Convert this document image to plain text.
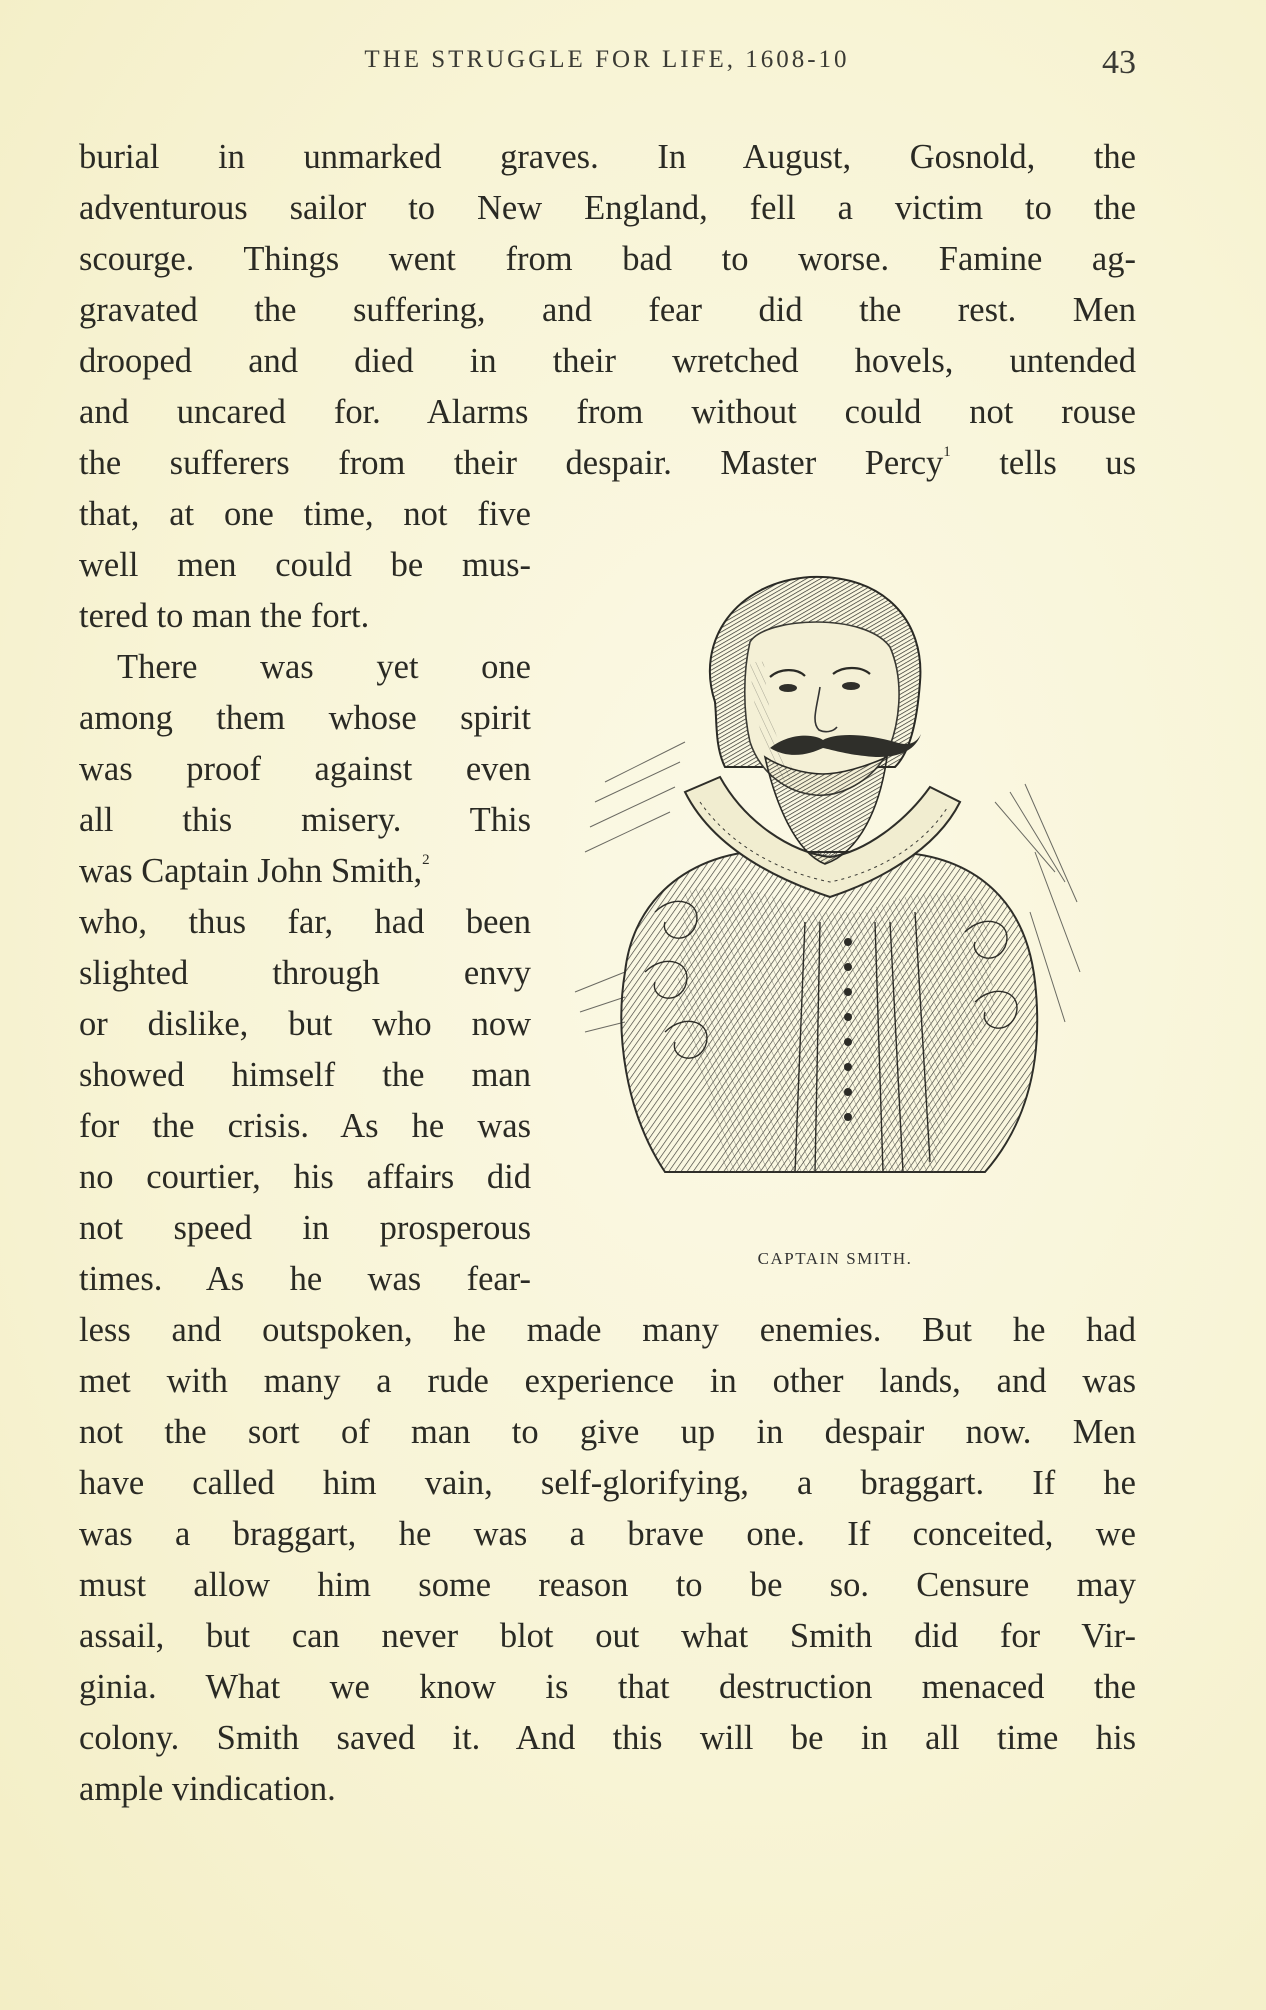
THE STRUGGLE FOR LIFE, 1608-10	43
burial in unmarked graves. In August, Gosnold, the
adventurous sailor to New England, fell a victim to the
scourge. Things went from bad to worse. Famine ag-
gravated the suffering, and fear did the rest. Men
drooped and died in their wretched hovels, untended
and uncared for. Alarms from without could not rouse
the sufferers from their despair. Master Percy$^1$ tells us
that, at one time, not five
well men could be mus-
tered to man the fort.
There was yet one
among them whose spirit
was proof against even
all this misery. This
was Captain John Smith,$^2$
who, thus far, had been
slighted through envy
or dislike, but who now
showed himself the man
for the crisis. As he was
no courtier, his affairs did
not speed in prosperous
times. As he was fear-
less and outspoken, he made many enemies. But he had
met with many a rude experience in other lands, and was
not the sort of man to give up in despair now. Men
have called him vain, self-glorifying, a braggart. If he
was a braggart, he was a brave one. If conceited, we
must allow him some reason to be so. Censure may
assail, but can never blot out what Smith did for Vir-
ginia. What we know is that destruction menaced the
colony. Smith saved it. And this will be in all time his
ample vindication.
CAPTAIN SMITH.
